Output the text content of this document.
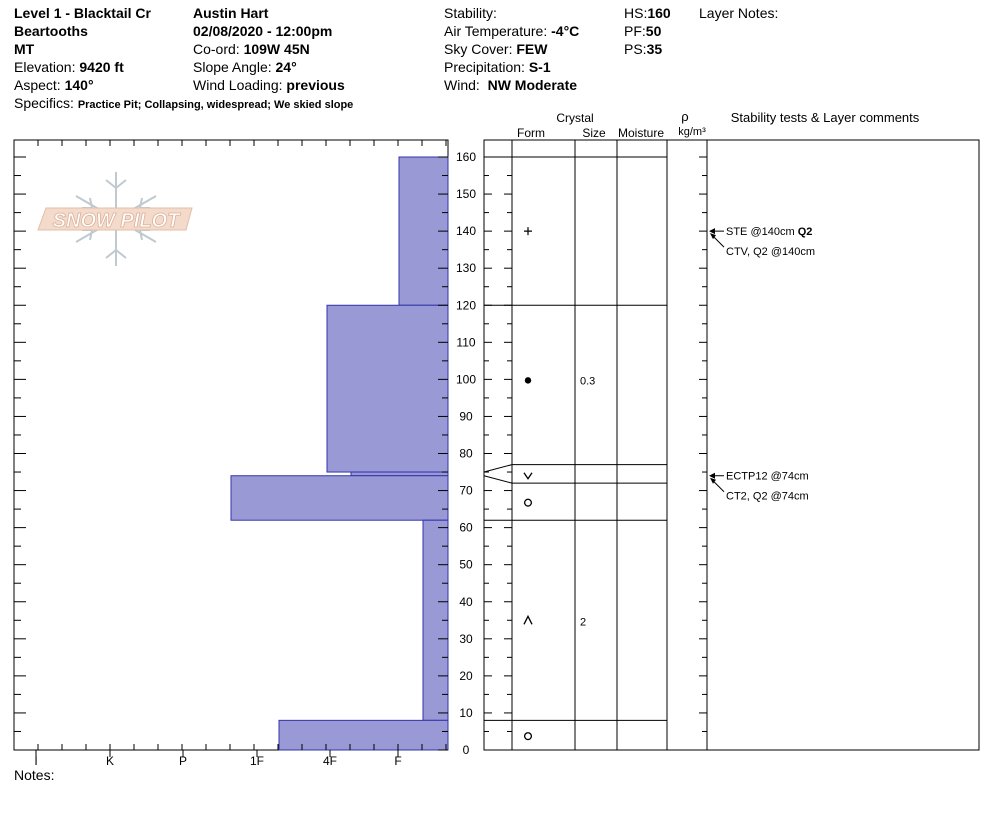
Level 1 - Blacktail Cr
Beartooths
MT
Elevation: 9420 ft
Aspect: 140°
Specifics: Practice Pit; Collapsing, widespread; We skied slope
Austin Hart
02/08/2020 - 12:00pm
Co-ord: 109W 45N
Slope Angle: 24°
Wind Loading: previous
Stability:
Air Temperature: -4°C
Sky Cover: FEW
Precipitation: S-1
Wind: NW Moderate
HS:160
PF:50
PS:35
Layer Notes:
Notes:
SNOW PILOT
I	K	P	1F	4F	F
0
10
20
30
40
50
60
70
80
90
100
110
120
130
140
150
160
Crystal
Form	Size Moisture
ρ
kg/m³
Stability tests & Layer comments
0.3
2
ECTP12 @74cm
CT2, Q2 @74cm
STE @140cm Q2
CTV, Q2 @140cm
